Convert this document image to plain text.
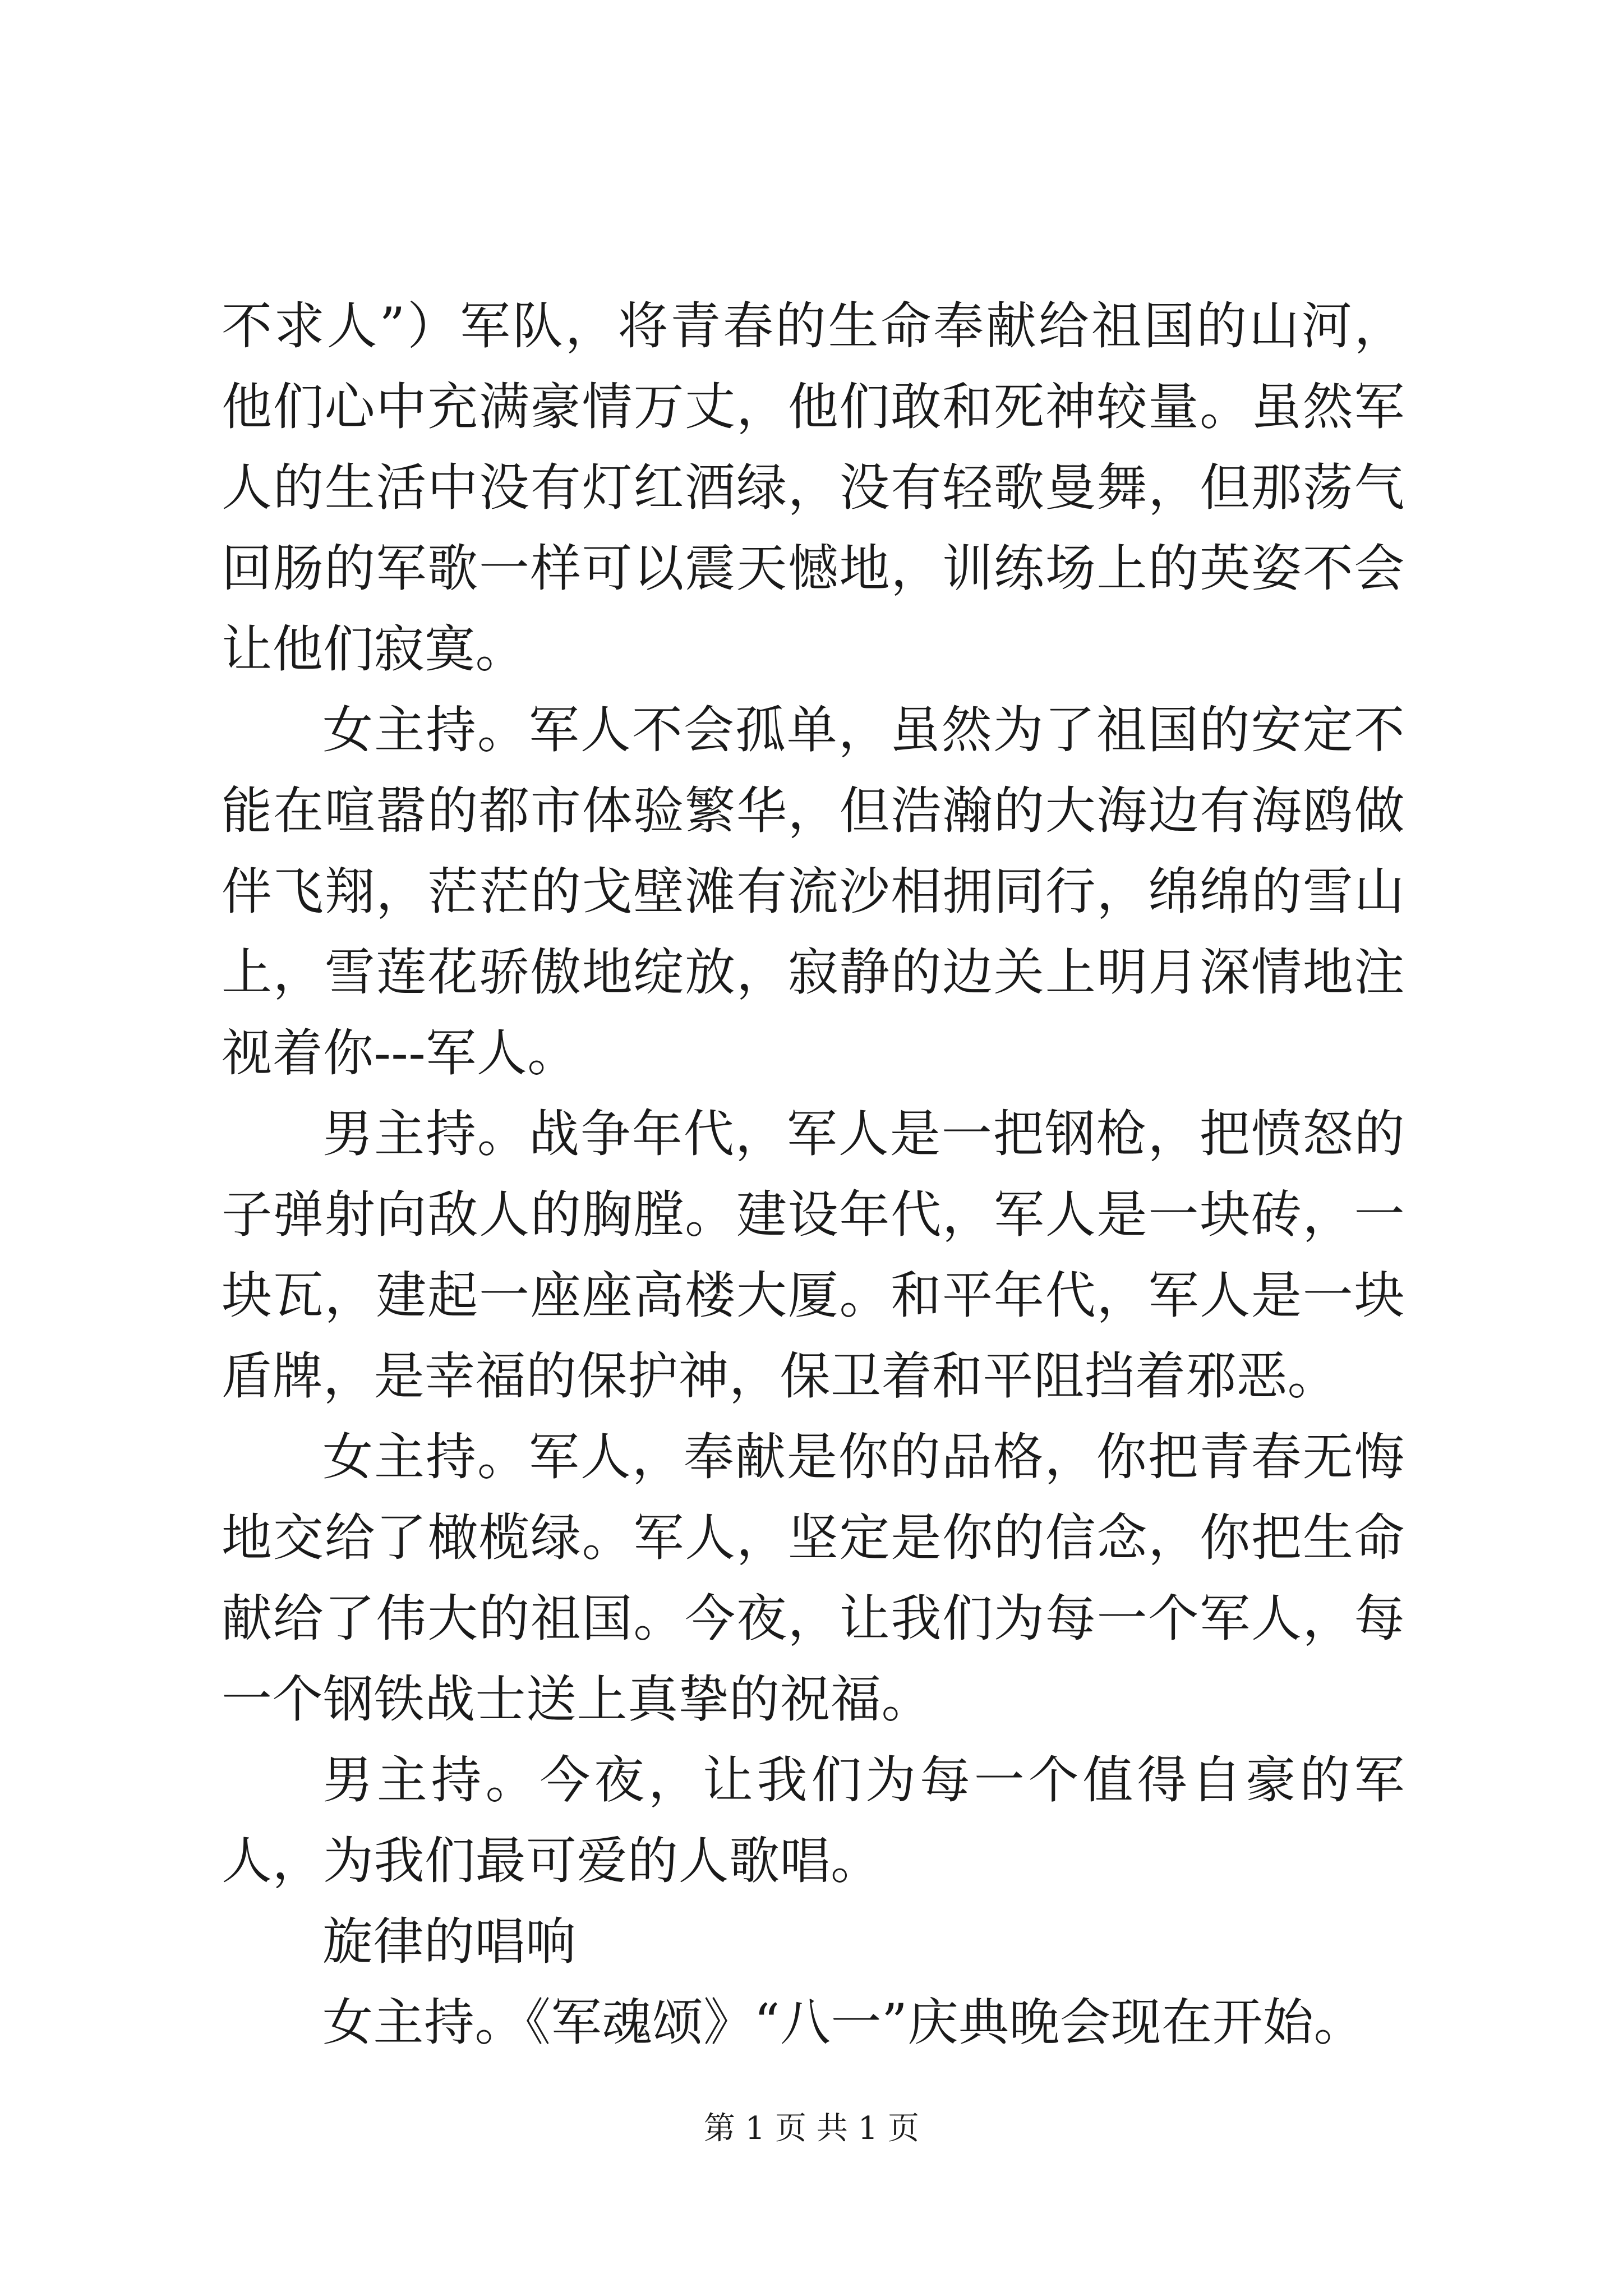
不求人”）军队，将青春的生命奉献给祖国的山河，他们心中充满豪情万丈，他们敢和死神较量。虽然军人的生活中没有灯红酒绿，没有轻歌曼舞，但那荡气回肠的军歌一样可以震天憾地，训练场上的英姿不会让他们寂寞。

女主持。军人不会孤单，虽然为了祖国的安定不能在喧嚣的都市体验繁华，但浩瀚的大海边有海鸥做伴飞翔，茫茫的戈壁滩有流沙相拥同行，绵绵的雪山上，雪莲花骄傲地绽放，寂静的边关上明月深情地注视着你---军人。

男主持。战争年代，军人是一把钢枪，把愤怒的子弹射向敌人的胸膛。建设年代，军人是一块砖，一块瓦，建起一座座高楼大厦。和平年代，军人是一块盾牌，是幸福的保护神，保卫着和平阻挡着邪恶。

女主持。军人，奉献是你的品格，你把青春无悔地交给了橄榄绿。军人，坚定是你的信念，你把生命献给了伟大的祖国。今夜，让我们为每一个军人，每一个钢铁战士送上真挚的祝福。

男主持。今夜，让我们为每一个值得自豪的军人，为我们最可爱的人歌唱。

旋律的唱响

女主持。《军魂颂》“八一”庆典晚会现在开始。

第 1 页 共 1 页
